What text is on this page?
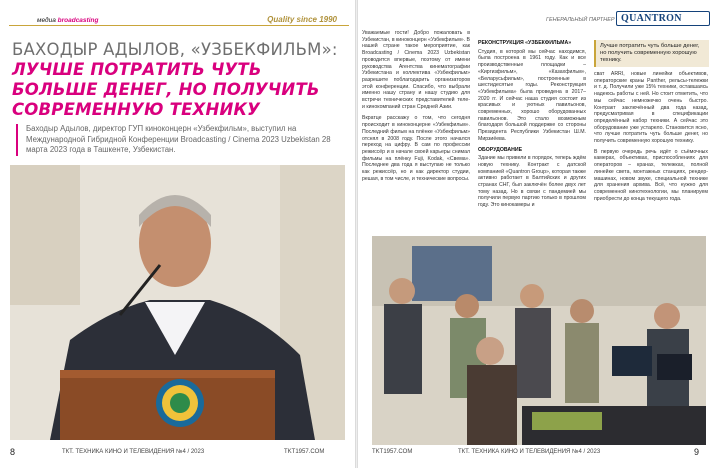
медиа broadcasting	Quality since 1990
БАХОДЫР АДЫЛОВ, «УЗБЕКФИЛЬМ»:
ЛУЧШЕ ПОТРАТИТЬ ЧУТЬ БОЛЬШЕ ДЕНЕГ, НО ПОЛУЧИТЬ СОВРЕМЕННУЮ ТЕХНИКУ
Баходыр Адылов, директор ГУП киноконцерн «Узбекфильм», выступил на Международной Гибридной Конференции Broadcasting / Cinema 2023 Uzbekistan 28 марта 2023 года в Ташкенте, Узбекистан.
8	ТКТ. ТЕХНИКА КИНО И ТЕЛЕВИДЕНИЯ №4 / 2023	TKT1957.COM
ГЕНЕРАЛЬНЫЙ ПАРТНЕР QUANTRON

Уважаемые гости! Добро пожаловать в Узбекистан, в киноконцерн «Узбекфильм». В нашей стране такое мероприятие, как Broadcasting / Cinema 2023 Uzbekistan проводится впервые, поэтому от имени руководства Агентства кинематографии Узбекистана и коллектива «Узбекфильм» разрешите поблагодарить организаторов этой конференции. Спасибо, что выбрали именно нашу страну и нашу студию для встречи технических представителей теле- и кинокомпаний стран Средней Азии.

Вкратце расскажу о том, что сегодня происходит в киноконцерне «Узбекфильм». Последний фильм на плёнке «Узбекфильм» отснял в 2008 году. После этого начался переход на цифру. В сам по профессии режиссёр и в начале своей карьеры снимал фильмы на плёнку Fuji, Kodak, «Свема». Последнее два года я выступаю не только как режиссёр, но и как директор студии, решая, в том числе, и технические вопросы.

РЕКОНСТРУКЦИЯ «УЗБЕКФИЛЬМА»

Студия, в которой мы сейчас находимся, была построена в 1961 году. Как и все производственные площадки – «Киргизфильм», «Казахфильм», «Беларусьфильм», построенные в шестидесятые годы. Реконструкция «Узбекфильма» была проведена в 2017–2020 гг. И сейчас наша студия состоит из красивых и уютных павильонов, современных, хорошо оборудованных павильонов. Это стало возможным благодаря большой поддержке со стороны Президента Республики Узбекистан Ш.М. Мирзиёева.

ОБОРУДОВАНИЕ

Здание мы привели в порядок, теперь ждём новую технику. Контракт с датской компанией «Quantron Group», которая также активно работает в Балтийских и других странах СНГ, был заключён более двух лет тому назад. Но в связи с пандемией мы получили первую партию только в прошлом году. Это кинокамеры и

Лучше потратить чуть больше денег, но получить современную хорошую технику.

сват ARRI, новые линейки объективов, операторские краны Panther, рельсы-тележки и т. д. Получили уже 15% техники, оставшаясь надеюсь работы с ней. Но стоит отметить, что мы сейчас немножечко очень быстро. Контракт заключённый два года назад, предусматривая в спецификации определённый набор техники. А сейчас это оборудование уже устарело. Становится ясно, что лучше потратить чуть больше денег, но получить современную хорошую технику.

В первую очередь речь идёт о съёмочных камерах, объективах, приспособлениях для операторов – кранах, тележках, полной линейке света, монтажных станциях, рендер-машинах, новом звуке, специальной технике для хранения архива. Всё, что нужно для современной кинотехнологии, мы планируем приобрести до конца текущего года.

TKT1957.COM	ТКТ. ТЕХНИКА КИНО И ТЕЛЕВИДЕНИЯ №4 / 2023	9
